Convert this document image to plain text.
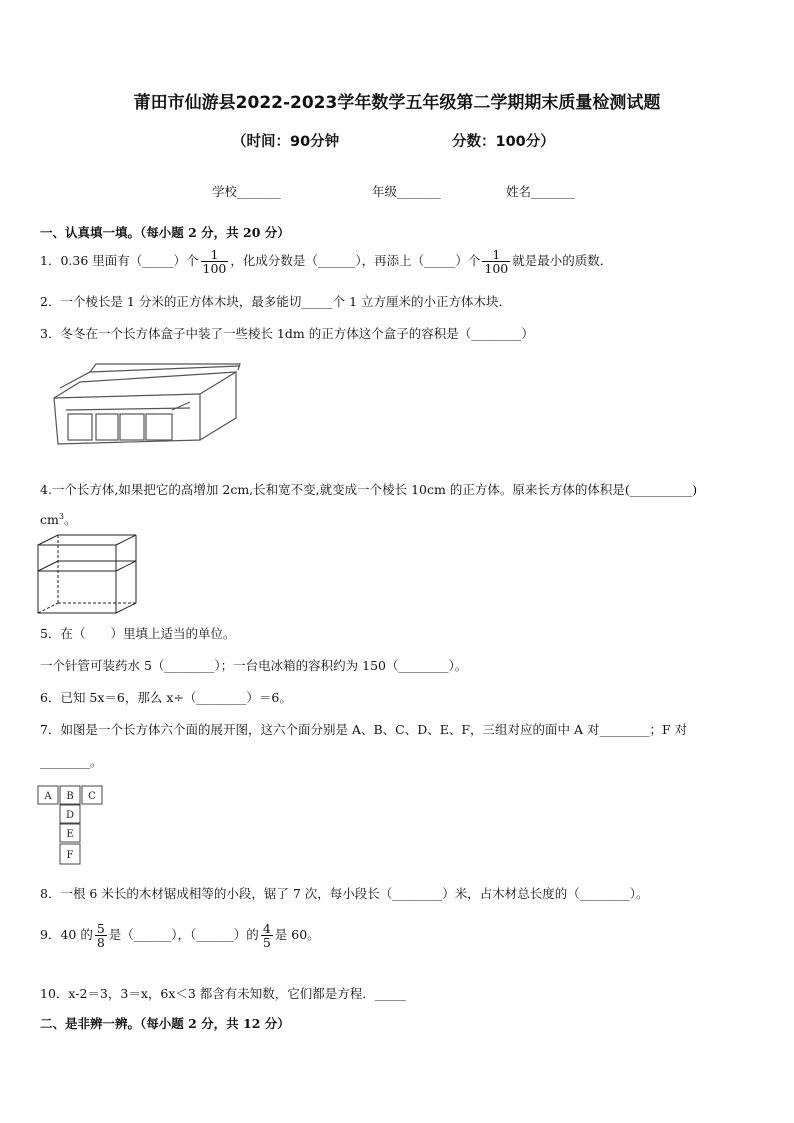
莆田市仙游县2022-2023学年数学五年级第二学期期末质量检测试题
（时间：90分钟	分数：100分）
学校_______	年级_______	姓名_______
一、认真填一填。（每小题 2 分，共 20 分）
1．0.36 里面有（_____）个 $\frac{1}{100}$ ，化成分数是（______），再添上（_____）个 $\frac{1}{100}$ 就是最小的质数．
2．一个棱长是 1 分米的正方体木块，最多能切_____个 1 立方厘米的小正方体木块．
3．冬冬在一个长方体盒子中装了一些棱长 1dm 的正方体这个盒子的容积是（________）
4.一个长方体,如果把它的高增加 2cm,长和宽不变,就变成一个棱长 10cm 的正方体。原来长方体的体积是(__________)
$cm^3$。
5．在（　　）里填上适当的单位。
一个针管可装药水 5（________）；一台电冰箱的容积约为 150（________）。
6．已知 5x＝6，那么 x÷（________）＝6。
7．如图是一个长方体六个面的展开图，这六个面分别是 A、B、C、D、E、F，三组对应的面中 A 对________；F 对
________。
A B C
D
E
F
8．一根 6 米长的木材锯成相等的小段，锯了 7 次，每小段长（________）米，占木材总长度的（________）。
9．40 的 $\frac{5}{8}$ 是（______），（______）的 $\frac{4}{5}$ 是 60。
10．x-2＝3，3＝x，6x＜3 都含有未知数，它们都是方程．_____
二、是非辨一辨。（每小题 2 分，共 12 分）
